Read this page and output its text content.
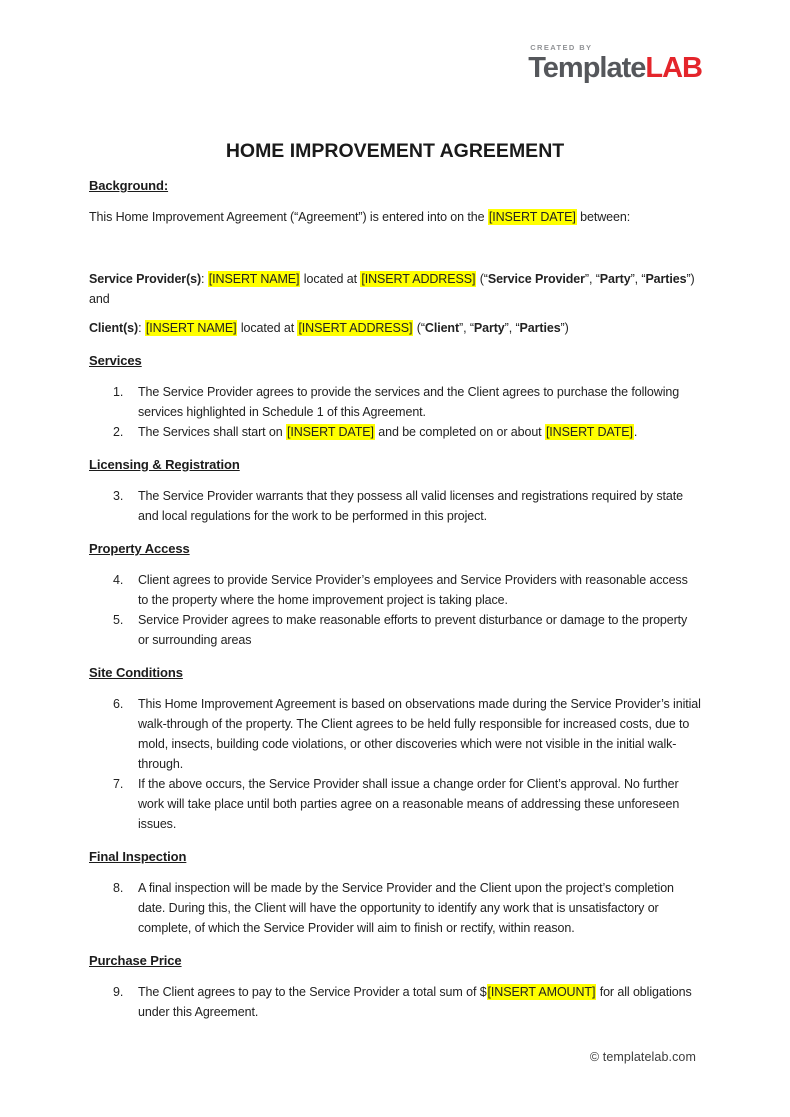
CREATED BY
TemplateLAB
HOME IMPROVEMENT AGREEMENT
Background:

This Home Improvement Agreement (“Agreement”) is entered into on the [INSERT DATE] between:

Service Provider(s): [INSERT NAME] located at [INSERT ADDRESS] (“Service Provider”, “Party”, “Parties”) and

Client(s): [INSERT NAME] located at [INSERT ADDRESS] (“Client”, “Party”, “Parties”)

Services
1.	The Service Provider agrees to provide the services and the Client agrees to purchase the following services highlighted in Schedule 1 of this Agreement.
2.	The Services shall start on [INSERT DATE] and be completed on or about [INSERT DATE].
Licensing & Registration
3.	The Service Provider warrants that they possess all valid licenses and registrations required by state and local regulations for the work to be performed in this project.
Property Access
4.	Client agrees to provide Service Provider’s employees and Service Providers with reasonable access to the property where the home improvement project is taking place.
5.	Service Provider agrees to make reasonable efforts to prevent disturbance or damage to the property or surrounding areas
Site Conditions
6.	This Home Improvement Agreement is based on observations made during the Service Provider’s initial walk-through of the property. The Client agrees to be held fully responsible for increased costs, due to mold, insects, building code violations, or other discoveries which were not visible in the initial walk-through.
7.	If the above occurs, the Service Provider shall issue a change order for Client’s approval. No further work will take place until both parties agree on a reasonable means of addressing these unforeseen issues.
Final Inspection
8.	A final inspection will be made by the Service Provider and the Client upon the project’s completion date. During this, the Client will have the opportunity to identify any work that is unsatisfactory or complete, of which the Service Provider will aim to finish or rectify, within reason.
Purchase Price
9.	The Client agrees to pay to the Service Provider a total sum of $[INSERT AMOUNT] for all obligations under this Agreement.
© templatelab.com
